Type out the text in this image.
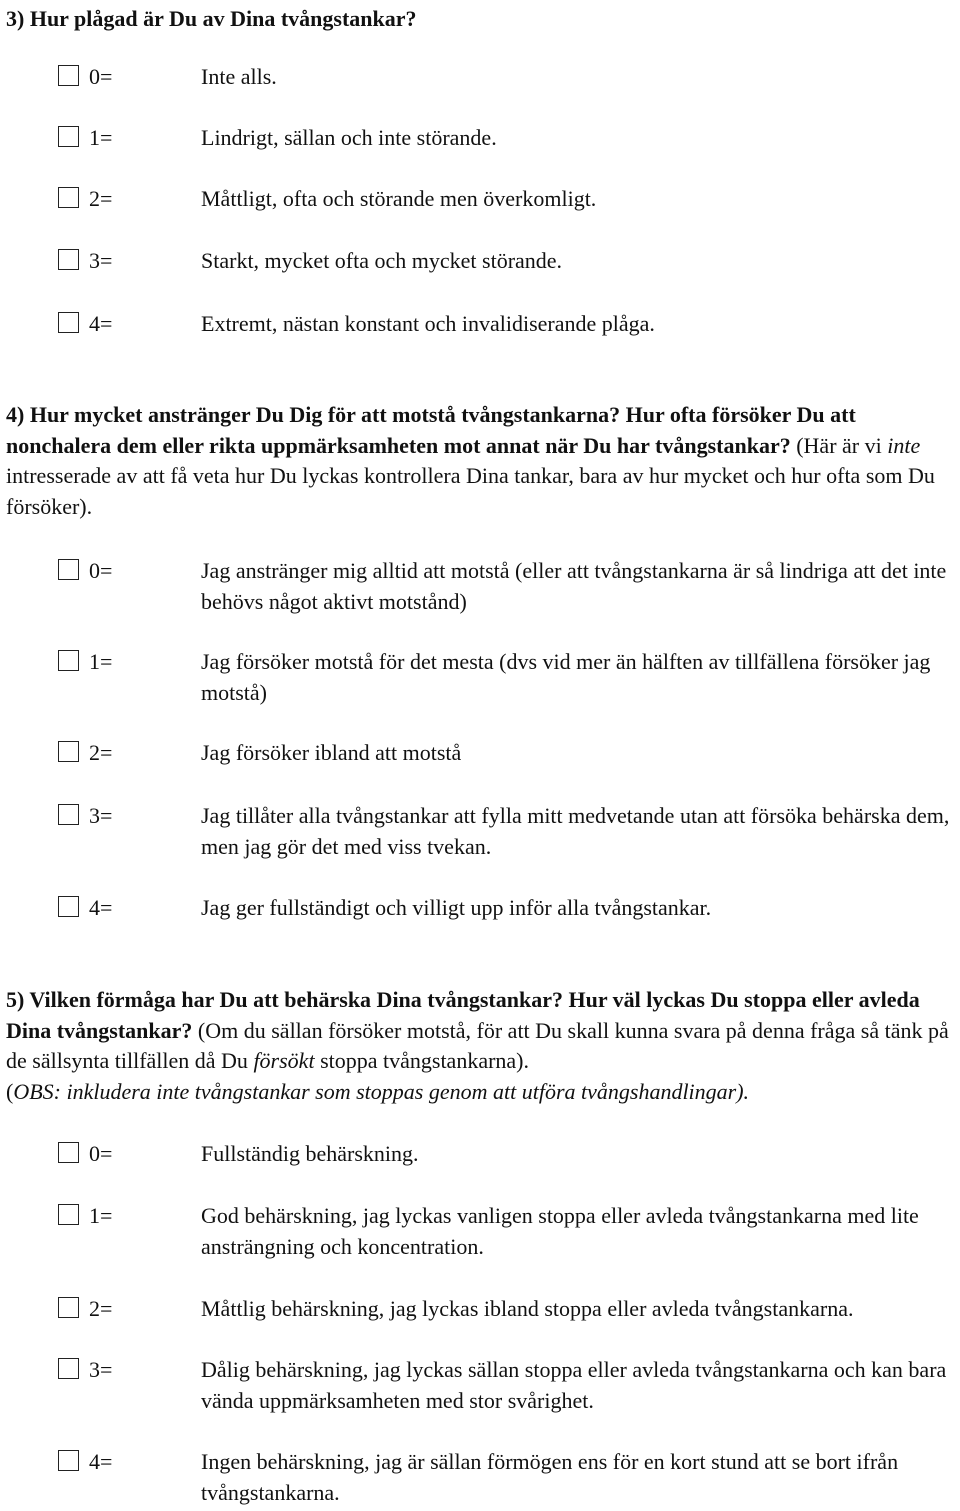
3) Hur plågad är Du av Dina tvångstankar?

0=	Inte alls.
1=	Lindrigt, sällan och inte störande.
2=	Måttligt, ofta och störande men överkomligt.
3=	Starkt, mycket ofta och mycket störande.
4=	Extremt, nästan konstant och invalidiserande plåga.

4) Hur mycket anstränger Du Dig för att motstå tvångstankarna? Hur ofta försöker Du att nonchalera dem eller rikta uppmärksamheten mot annat när Du har tvångstankar? (Här är vi inte intresserade av att få veta hur Du lyckas kontrollera Dina tankar, bara av hur mycket och hur ofta som Du försöker).

0=	Jag anstränger mig alltid att motstå (eller att tvångstankarna är så lindriga att det inte behövs något aktivt motstånd)
1=	Jag försöker motstå för det mesta (dvs vid mer än hälften av tillfällena försöker jag motstå)
2=	Jag försöker ibland att motstå
3=	Jag tillåter alla tvångstankar att fylla mitt medvetande utan att försöka behärska dem, men jag gör det med viss tvekan.
4=	Jag ger fullständigt och villigt upp inför alla tvångstankar.

5) Vilken förmåga har Du att behärska Dina tvångstankar? Hur väl lyckas Du stoppa eller avleda Dina tvångstankar? (Om du sällan försöker motstå, för att Du skall kunna svara på denna fråga så tänk på de sällsynta tillfällen då Du försökt stoppa tvångstankarna).
(OBS: inkludera inte tvångstankar som stoppas genom att utföra tvångshandlingar).

0=	Fullständig behärskning.
1=	God behärskning, jag lyckas vanligen stoppa eller avleda tvångstankarna med lite ansträngning och koncentration.
2=	Måttlig behärskning, jag lyckas ibland stoppa eller avleda tvångstankarna.
3=	Dålig behärskning, jag lyckas sällan stoppa eller avleda tvångstankarna och kan bara vända uppmärksamheten med stor svårighet.
4=	Ingen behärskning, jag är sällan förmögen ens för en kort stund att se bort ifrån tvångstankarna.
